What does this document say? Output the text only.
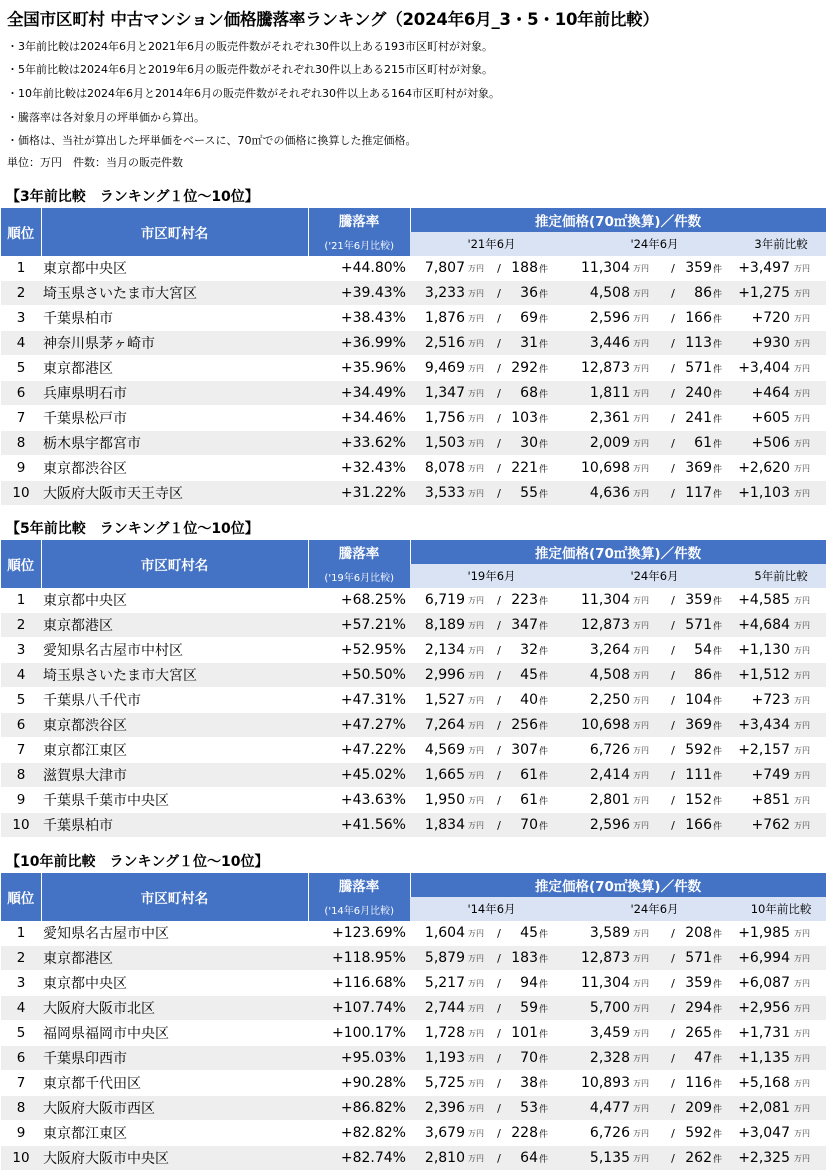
全国市区町村 中古マンション価格騰落率ランキング（2024年6月_3・5・10年前比較）
・3年前比較は2024年6月と2021年6月の販売件数がそれぞれ30件以上ある193市区町村が対象。
・5年前比較は2024年6月と2019年6月の販売件数がそれぞれ30件以上ある215市区町村が対象。
・10年前比較は2024年6月と2014年6月の販売件数がそれぞれ30件以上ある164市区町村が対象。
・騰落率は各対象月の坪単価から算出。
・価格は、当社が算出した坪単価をベースに、70㎡での価格に換算した推定価格。
単位：万円　件数：当月の販売件数
【3年前比較　ランキング１位～10位】
順位	市区町村名	騰落率	推定価格(70㎡換算)／件数											
		('21年6月比較)	'21年6月					'24年6月					3年前比較	
1	東京都中央区	+44.80%	7,807	万円	/	188	件	11,304	万円	/	359	件	+3,497	万円
2	埼玉県さいたま市大宮区	+39.43%	3,233	万円	/	36	件	4,508	万円	/	86	件	+1,275	万円
3	千葉県柏市	+38.43%	1,876	万円	/	69	件	2,596	万円	/	166	件	+720	万円
4	神奈川県茅ヶ崎市	+36.99%	2,516	万円	/	31	件	3,446	万円	/	113	件	+930	万円
5	東京都港区	+35.96%	9,469	万円	/	292	件	12,873	万円	/	571	件	+3,404	万円
6	兵庫県明石市	+34.49%	1,347	万円	/	68	件	1,811	万円	/	240	件	+464	万円
7	千葉県松戸市	+34.46%	1,756	万円	/	103	件	2,361	万円	/	241	件	+605	万円
8	栃木県宇都宮市	+33.62%	1,503	万円	/	30	件	2,009	万円	/	61	件	+506	万円
9	東京都渋谷区	+32.43%	8,078	万円	/	221	件	10,698	万円	/	369	件	+2,620	万円
10	大阪府大阪市天王寺区	+31.22%	3,533	万円	/	55	件	4,636	万円	/	117	件	+1,103	万円
【5年前比較　ランキング１位～10位】
順位	市区町村名	騰落率	推定価格(70㎡換算)／件数											
		('19年6月比較)	'19年6月					'24年6月					5年前比較	
1	東京都中央区	+68.25%	6,719	万円	/	223	件	11,304	万円	/	359	件	+4,585	万円
2	東京都港区	+57.21%	8,189	万円	/	347	件	12,873	万円	/	571	件	+4,684	万円
3	愛知県名古屋市中村区	+52.95%	2,134	万円	/	32	件	3,264	万円	/	54	件	+1,130	万円
4	埼玉県さいたま市大宮区	+50.50%	2,996	万円	/	45	件	4,508	万円	/	86	件	+1,512	万円
5	千葉県八千代市	+47.31%	1,527	万円	/	40	件	2,250	万円	/	104	件	+723	万円
6	東京都渋谷区	+47.27%	7,264	万円	/	256	件	10,698	万円	/	369	件	+3,434	万円
7	東京都江東区	+47.22%	4,569	万円	/	307	件	6,726	万円	/	592	件	+2,157	万円
8	滋賀県大津市	+45.02%	1,665	万円	/	61	件	2,414	万円	/	111	件	+749	万円
9	千葉県千葉市中央区	+43.63%	1,950	万円	/	61	件	2,801	万円	/	152	件	+851	万円
10	千葉県柏市	+41.56%	1,834	万円	/	70	件	2,596	万円	/	166	件	+762	万円
【10年前比較　ランキング１位～10位】
順位	市区町村名	騰落率	推定価格(70㎡換算)／件数											
		('14年6月比較)	'14年6月					'24年6月					10年前比較	
1	愛知県名古屋市中区	+123.69%	1,604	万円	/	45	件	3,589	万円	/	208	件	+1,985	万円
2	東京都港区	+118.95%	5,879	万円	/	183	件	12,873	万円	/	571	件	+6,994	万円
3	東京都中央区	+116.68%	5,217	万円	/	94	件	11,304	万円	/	359	件	+6,087	万円
4	大阪府大阪市北区	+107.74%	2,744	万円	/	59	件	5,700	万円	/	294	件	+2,956	万円
5	福岡県福岡市中央区	+100.17%	1,728	万円	/	101	件	3,459	万円	/	265	件	+1,731	万円
6	千葉県印西市	+95.03%	1,193	万円	/	70	件	2,328	万円	/	47	件	+1,135	万円
7	東京都千代田区	+90.28%	5,725	万円	/	38	件	10,893	万円	/	116	件	+5,168	万円
8	大阪府大阪市西区	+86.82%	2,396	万円	/	53	件	4,477	万円	/	209	件	+2,081	万円
9	東京都江東区	+82.82%	3,679	万円	/	228	件	6,726	万円	/	592	件	+3,047	万円
10	大阪府大阪市中央区	+82.74%	2,810	万円	/	64	件	5,135	万円	/	262	件	+2,325	万円
